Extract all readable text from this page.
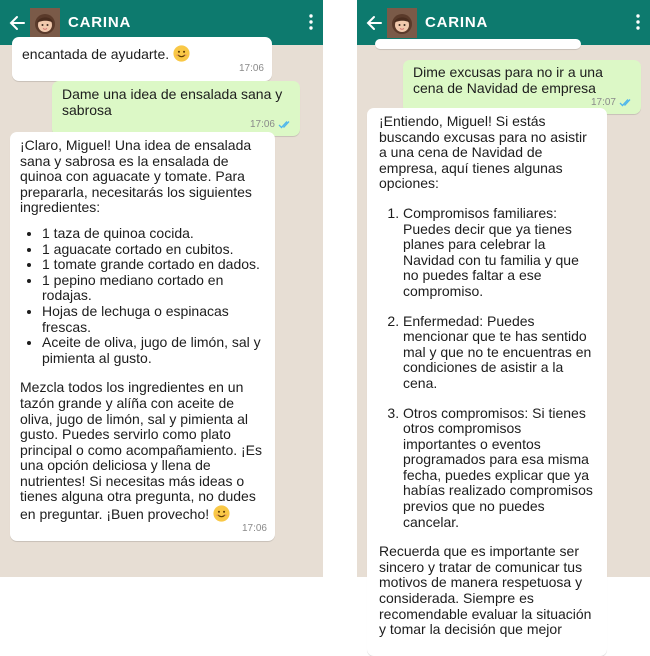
CARINA
encantada de ayudarte.
17:06
Dame una idea de ensalada sana y sabrosa
17:06

¡Claro, Miguel! Una idea de ensalada sana y sabrosa es la ensalada de quinoa con aguacate y tomate. Para prepararla, necesitarás los siguientes ingredientes:

• 1 taza de quinoa cocida.
• 1 aguacate cortado en cubitos.
• 1 tomate grande cortado en dados.
• 1 pepino mediano cortado en rodajas.
• Hojas de lechuga o espinacas frescas.
• Aceite de oliva, jugo de limón, sal y pimienta al gusto.

Mezcla todos los ingredientes en un tazón grande y alíña con aceite de oliva, jugo de limón, sal y pimienta al gusto. Puedes servirlo como plato principal o como acompañamiento. ¡Es una opción deliciosa y llena de nutrientes! Si necesitas más ideas o tienes alguna otra pregunta, no dudes en preguntar. ¡Buen provecho!

17:06
CARINA
Dime excusas para no ir a una cena de Navidad de empresa
17:07

¡Entiendo, Miguel! Si estás buscando excusas para no asistir a una cena de Navidad de empresa, aquí tienes algunas opciones:

1. Compromisos familiares: Puedes decir que ya tienes planes para celebrar la Navidad con tu familia y que no puedes faltar a ese compromiso.
2. Enfermedad: Puedes mencionar que te has sentido mal y que no te encuentras en condiciones de asistir a la cena.
3. Otros compromisos: Si tienes otros compromisos importantes o eventos programados para esa misma fecha, puedes explicar que ya habías realizado compromisos previos que no puedes cancelar.

Recuerda que es importante ser sincero y tratar de comunicar tus motivos de manera respetuosa y considerada. Siempre es recomendable evaluar la situación y tomar la decisión que mejor
